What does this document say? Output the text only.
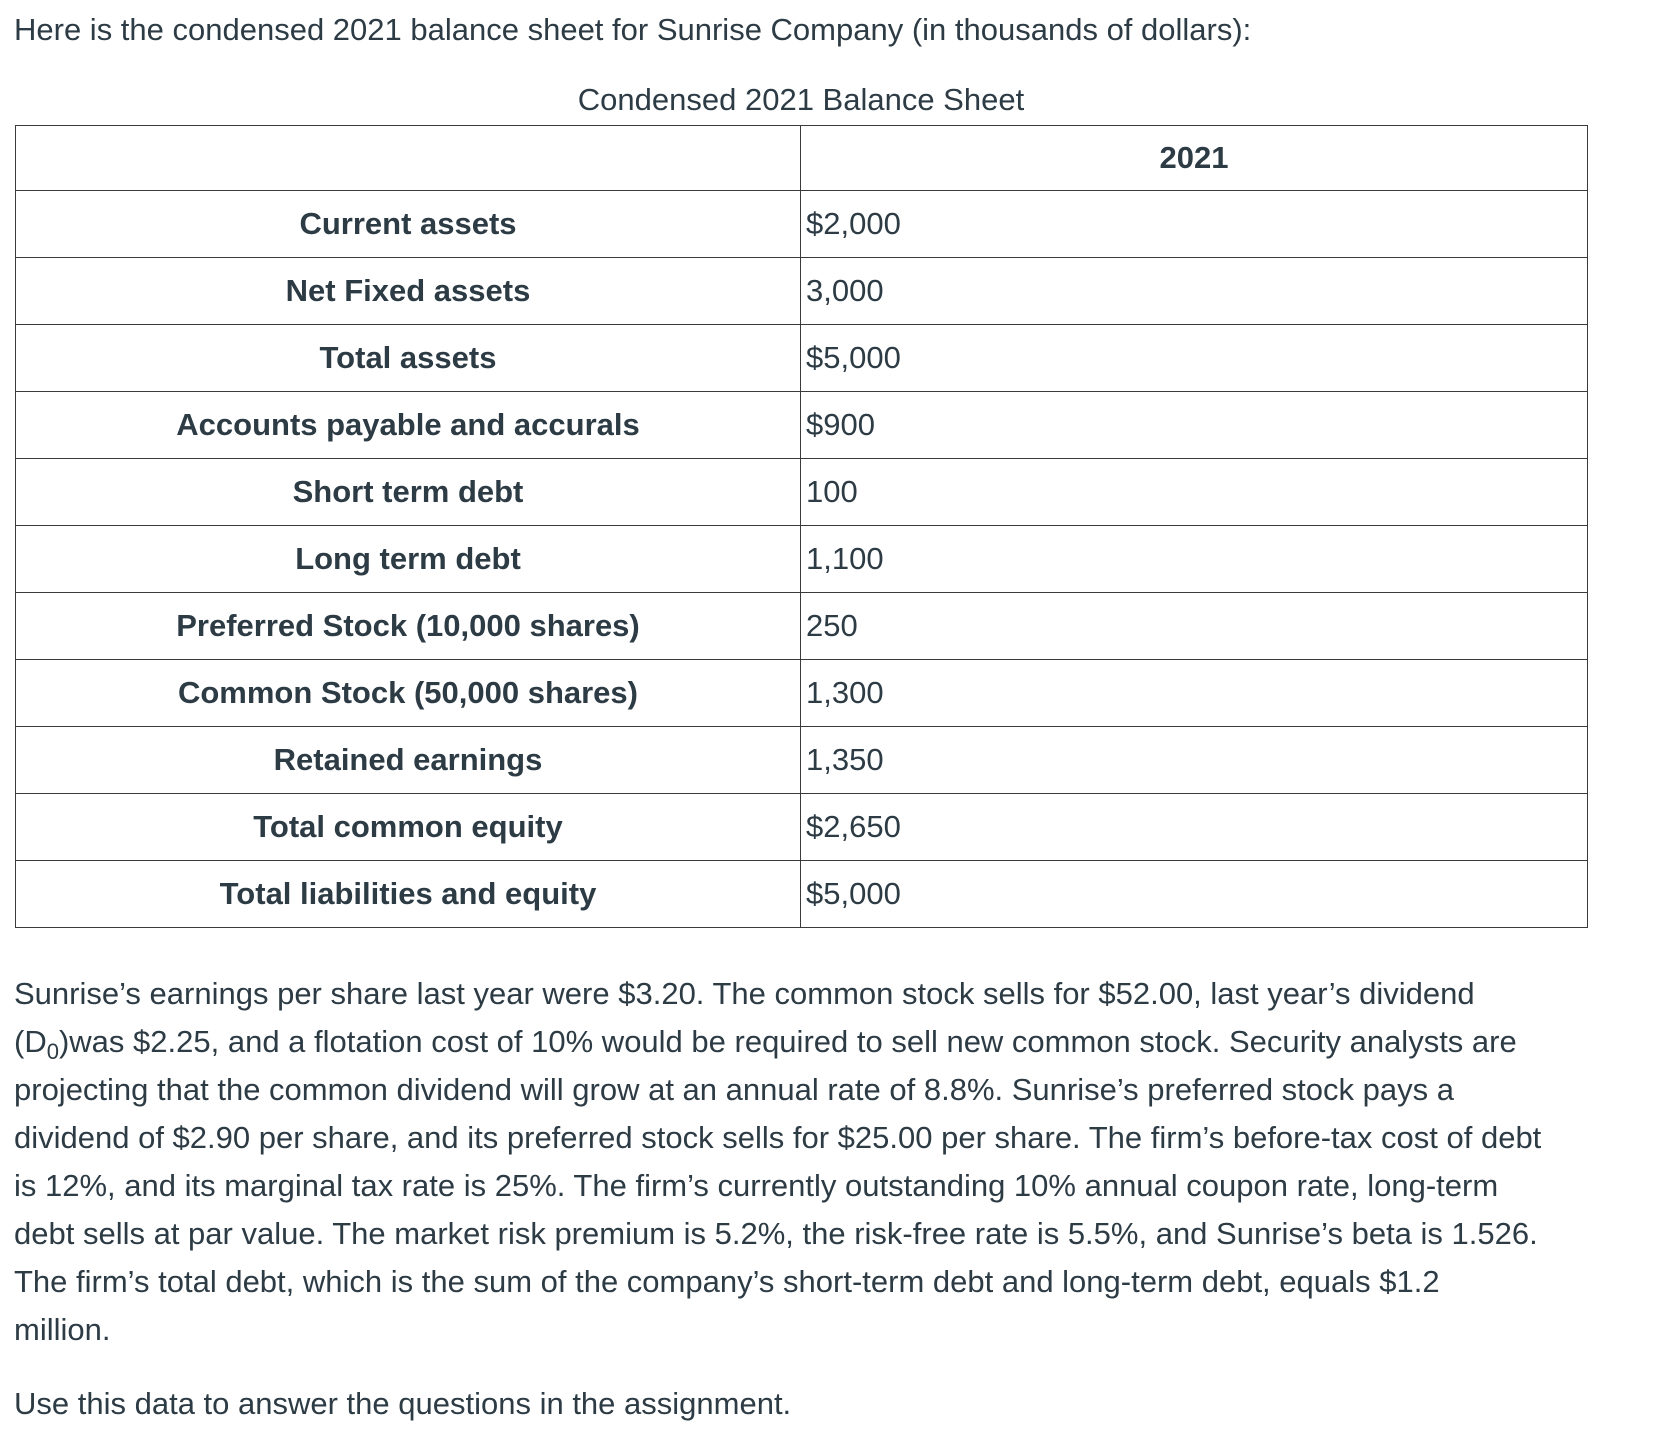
Here is the condensed 2021 balance sheet for Sunrise Company (in thousands of dollars):

Condensed 2021 Balance Sheet

	2021
Current assets	$2,000
Net Fixed assets	3,000
Total assets	$5,000
Accounts payable and accurals	$900
Short term debt	100
Long term debt	1,100
Preferred Stock (10,000 shares)	250
Common Stock (50,000 shares)	1,300
Retained earnings	1,350
Total common equity	$2,650
Total liabilities and equity	$5,000

Sunrise’s earnings per share last year were $3.20. The common stock sells for $52.00, last year’s dividend
$(D_0)was$ $2.25, and a flotation cost of 10% would be required to sell new common stock. Security analysts are
projecting that the common dividend will grow at an annual rate of 8.8%. Sunrise’s preferred stock pays a
dividend of $2.90 per share, and its preferred stock sells for $25.00 per share. The firm’s before-tax cost of debt
is 12%, and its marginal tax rate is 25%. The firm’s currently outstanding 10% annual coupon rate, long-term
debt sells at par value. The market risk premium is 5.2%, the risk-free rate is 5.5%, and Sunrise’s beta is 1.526.
The firm’s total debt, which is the sum of the company’s short-term debt and long-term debt, equals $1.2
million.

Use this data to answer the questions in the assignment.
